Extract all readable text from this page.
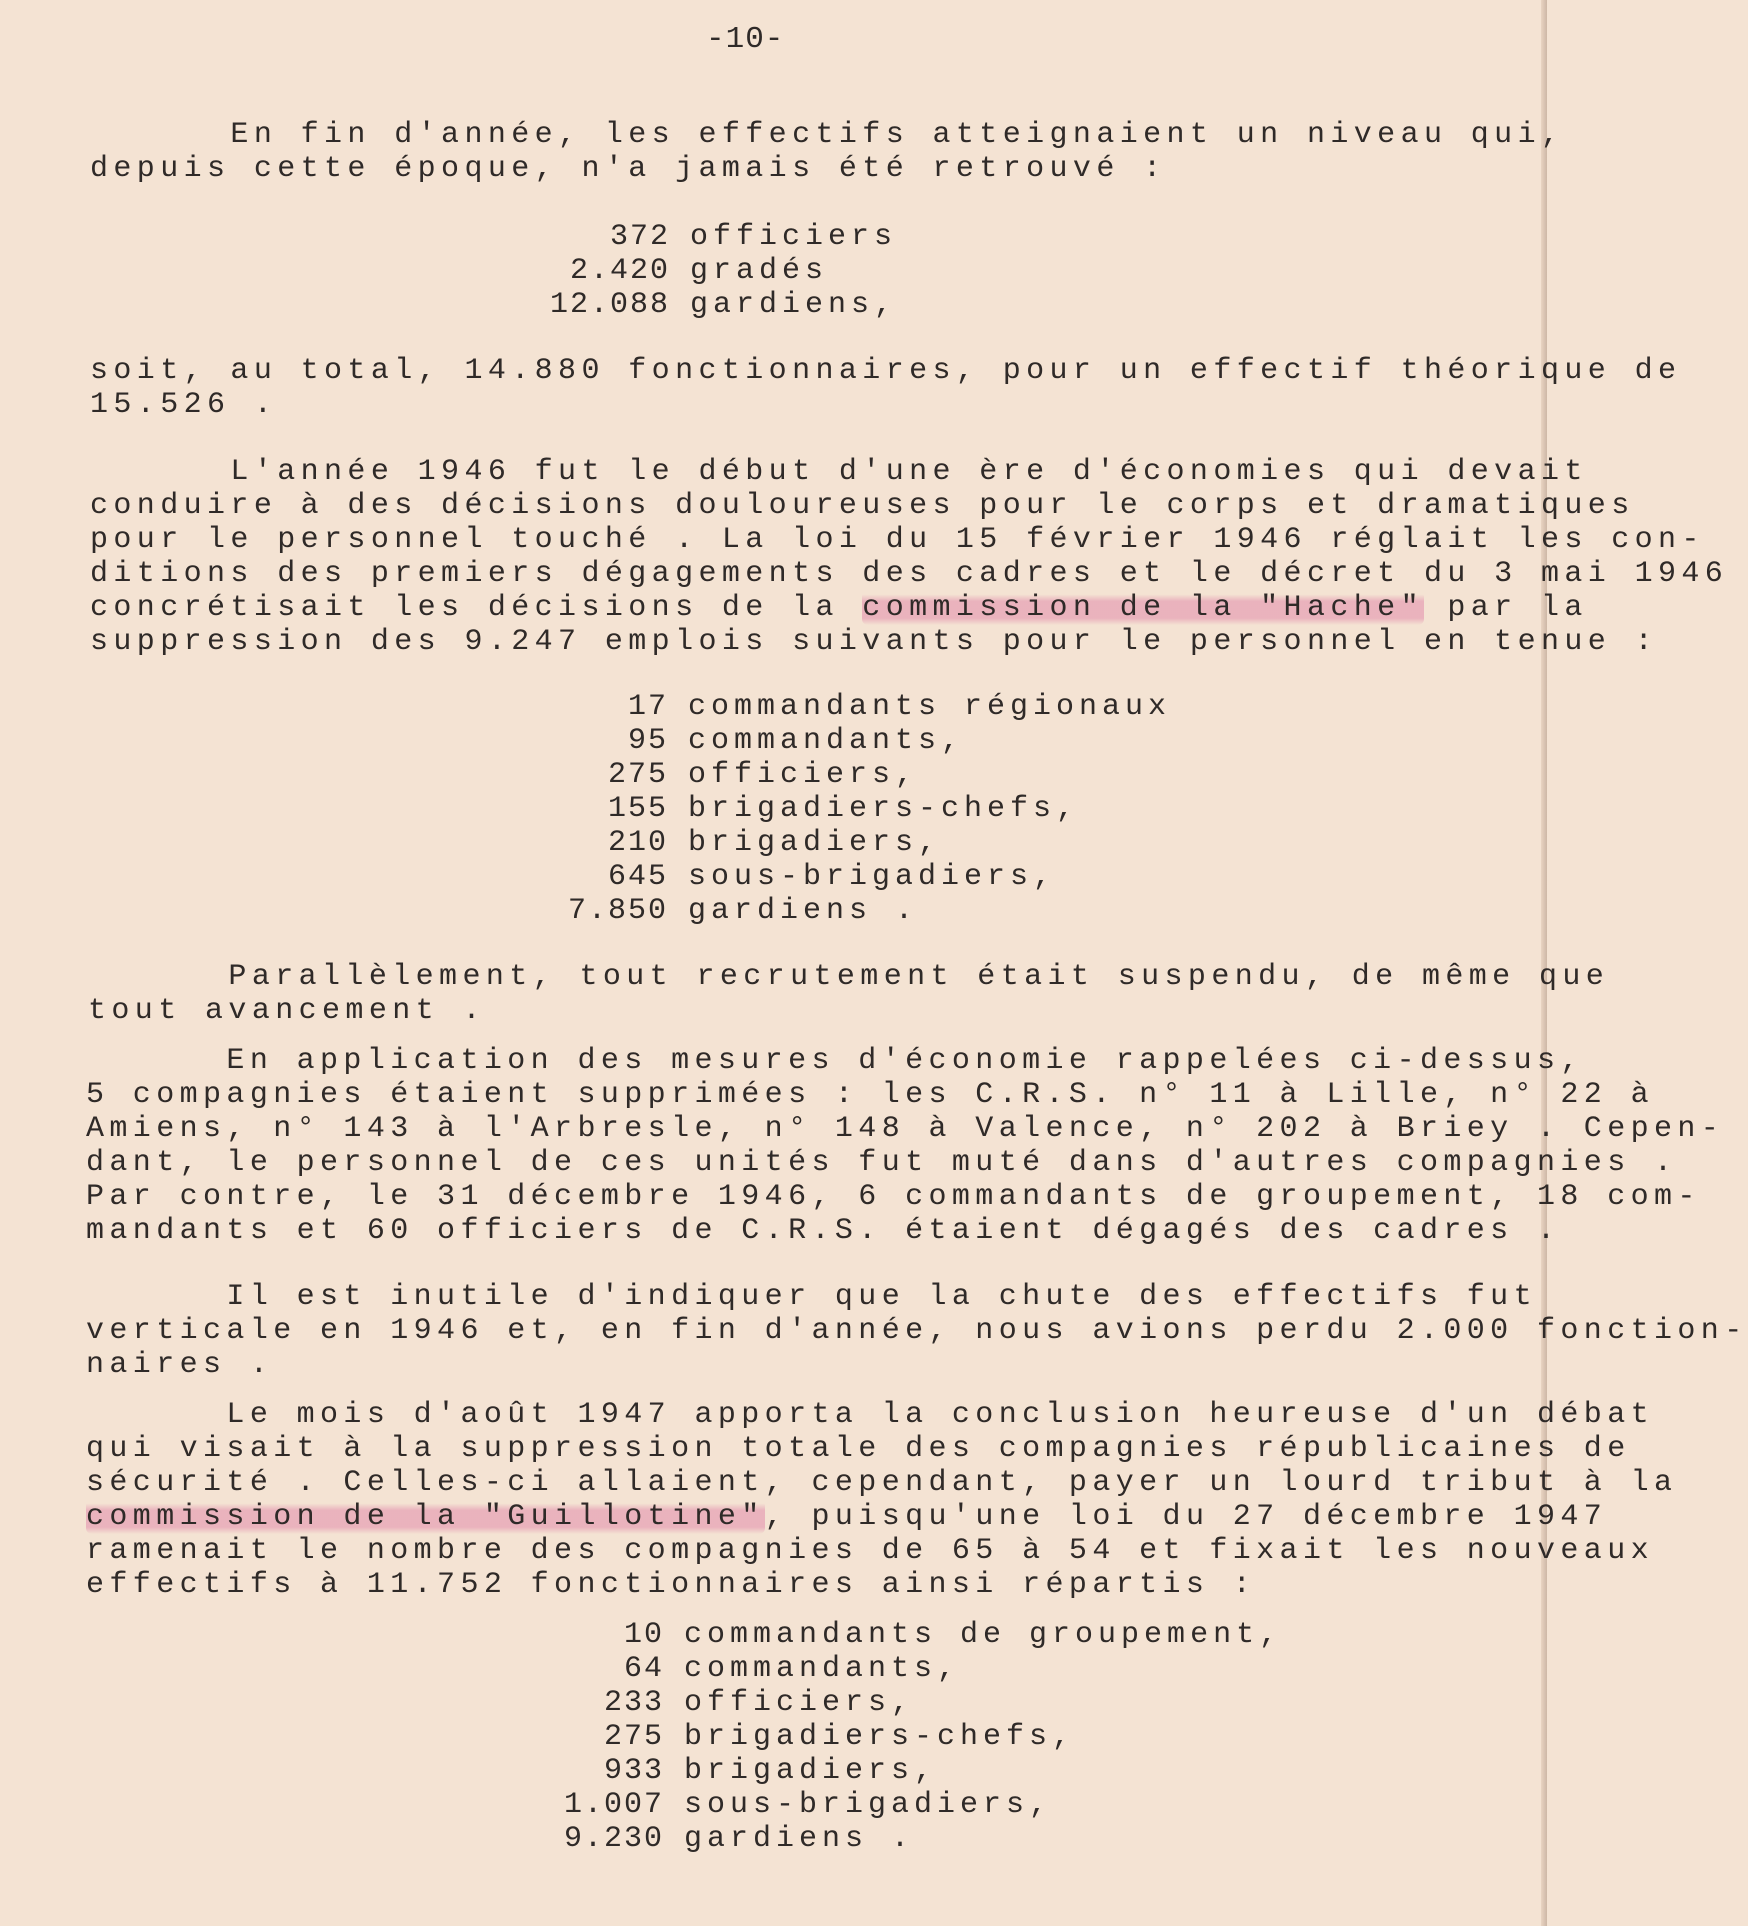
-10-
En fin d'année, les effectifs atteignaient un niveau qui,
depuis cette époque, n'a jamais été retrouvé :
372 officiers
2.420 gradés
12.088 gardiens,
soit, au total, 14.880 fonctionnaires, pour un effectif théorique de
15.526 .
L'année 1946 fut le début d'une ère d'économies qui devait
conduire à des décisions douloureuses pour le corps et dramatiques
pour le personnel touché . La loi du 15 février 1946 réglait les con-
ditions des premiers dégagements des cadres et le décret du 3 mai 1946
concrétisait les décisions de la commission de la "Hache" par la
suppression des 9.247 emplois suivants pour le personnel en tenue :
17 commandants régionaux
95 commandants,
275 officiers,
155 brigadiers-chefs,
210 brigadiers,
645 sous-brigadiers,
7.850 gardiens .
Parallèlement, tout recrutement était suspendu, de même que
tout avancement .
En application des mesures d'économie rappelées ci-dessus,
5 compagnies étaient supprimées : les C.R.S. n° 11 à Lille, n° 22 à
Amiens, n° 143 à l'Arbresle, n° 148 à Valence, n° 202 à Briey . Cepen-
dant, le personnel de ces unités fut muté dans d'autres compagnies .
Par contre, le 31 décembre 1946, 6 commandants de groupement, 18 com-
mandants et 60 officiers de C.R.S. étaient dégagés des cadres .
Il est inutile d'indiquer que la chute des effectifs fut
verticale en 1946 et, en fin d'année, nous avions perdu 2.000 fonction-
naires .
Le mois d'août 1947 apporta la conclusion heureuse d'un débat
qui visait à la suppression totale des compagnies républicaines de
sécurité . Celles-ci allaient, cependant, payer un lourd tribut à la
commission de la "Guillotine", puisqu'une loi du 27 décembre 1947
ramenait le nombre des compagnies de 65 à 54 et fixait les nouveaux
effectifs à 11.752 fonctionnaires ainsi répartis :
10 commandants de groupement,
64 commandants,
233 officiers,
275 brigadiers-chefs,
933 brigadiers,
1.007 sous-brigadiers,
9.230 gardiens .
